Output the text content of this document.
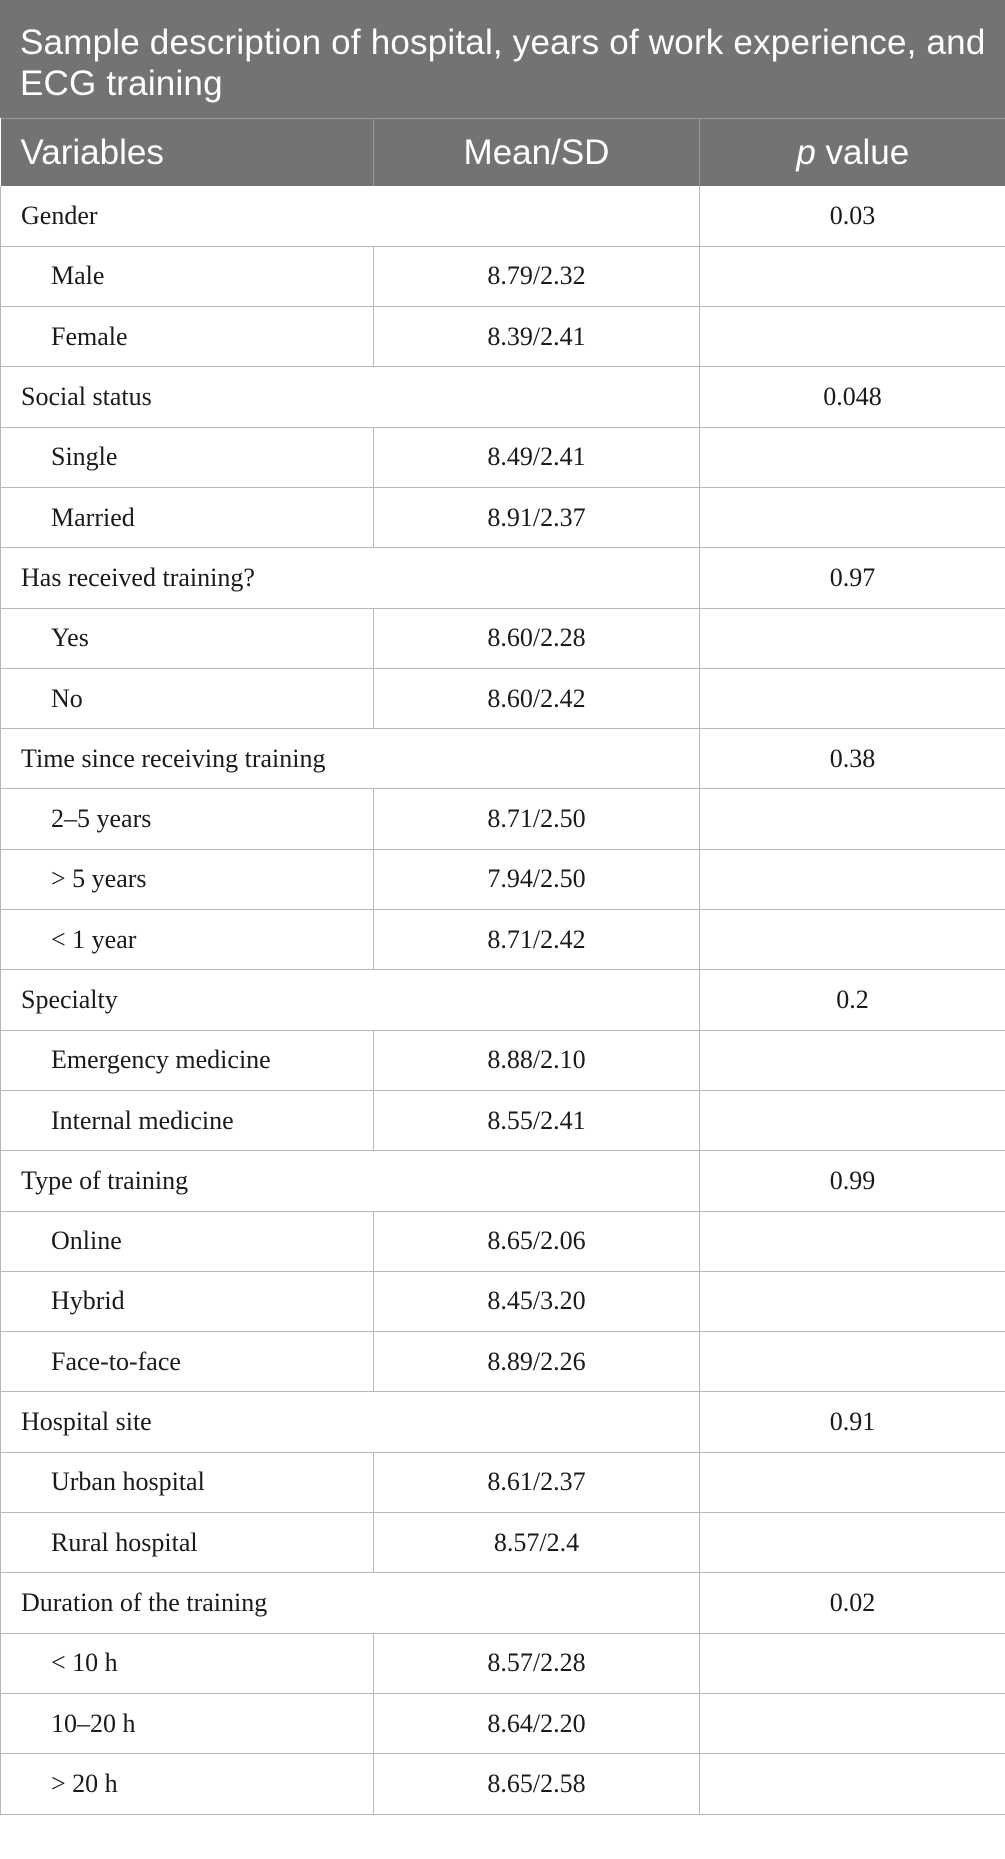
Sample description of hospital, years of work experience, and ECG training
Variables	Mean/SD	p value
Gender		0.03
Male	8.79/2.32	
Female	8.39/2.41	
Social status		0.048
Single	8.49/2.41	
Married	8.91/2.37	
Has received training?		0.97
Yes	8.60/2.28	
No	8.60/2.42	
Time since receiving training		0.38
2–5 years	8.71/2.50	
> 5 years	7.94/2.50	
< 1 year	8.71/2.42	
Specialty		0.2
Emergency medicine	8.88/2.10	
Internal medicine	8.55/2.41	
Type of training		0.99
Online	8.65/2.06	
Hybrid	8.45/3.20	
Face-to-face	8.89/2.26	
Hospital site		0.91
Urban hospital	8.61/2.37	
Rural hospital	8.57/2.4	
Duration of the training		0.02
< 10 h	8.57/2.28	
10–20 h	8.64/2.20	
> 20 h	8.65/2.58	
